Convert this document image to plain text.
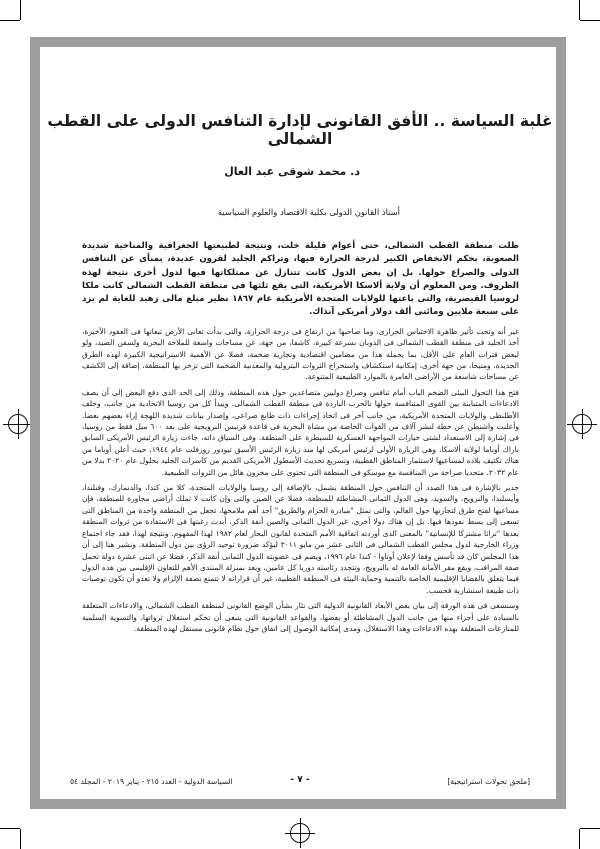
غلبة السياسة .. الأفق القانونى لإدارة التنافس الدولى على القطب الشمالى
د. محمد شوقى عبد العال
أستاذ القانون الدولى بكلية الاقتصاد والعلوم السياسية

ظلت منطقة القطب الشمالى، حتى أعوام قليلة خلت، ونتيجة لطبيعتها الجغرافية والمناخية شديدة الصعوبة، بحكم الانخفاض الكبير لدرجة الحرارة فيها، وتراكم الجليد لقرون عديدة، بمنأى عن التنافس الدولى والصراع حولها. بل إن بعض الدول كانت تتنازل عن ممتلكاتها فيها لدول أخرى نتيجة لهذه الظروف. ومن المعلوم أن ولاية ألاسكا الأمريكية، التى يقع ثلثها فى منطقة القطب الشمالى كانت ملكا لروسيا القيصرية، والتى باعتها للولايات المتحدة الأمريكية عام ١٨٦٧ نظير مبلغ مالى زهيد للغاية لم يزد على سبعة ملايين ومائتى ألف دولار أمريكى آنذاك.

غير أنه وتحت تأثير ظاهرة الاحتباس الحرارى، وما صاحبها من ارتفاع فى درجة الحرارة، والتى بدأت تعانى الأرض تبعاتها فى العقود الأخيرة، أخذ الجليد فى منطقة القطب الشمالى فى الذوبان بسرعة كبيرة، كاشفا، من جهة، عن مساحات واسعة للملاحة البحرية ولسفن الصيد، ولو لبعض فترات العام على الأقل، بما يحمله هذا من مضامين اقتصادية وتجارية ضخمة، فضلا عن الأهمية الاستراتيجية الكبيرة لهذه الطرق الجديدة، ومتيحا، من جهة أخرى، إمكانية استكشاف واستخراج الثروات البترولية والمعدنية الضخمة التى تزخر بها المنطقة، إضافة إلى الكشف عن مساحات شاسعة من الأراضى العامرة بالموارد الطبيعية المتنوعة.

فتح هذا التحول البيئى الضخم الباب أمام تنافس وصراع دوليين متصاعدين حول هذه المنطقة، وذلك إلى الحد الذى دفع البعض إلى أن يصف الادعاءات المتباينة بين القوى المتنافسة حولها بالحرب الباردة فى منطقة القطب الشمالى. ويبدأ كل من روسيا الاتحادية من جانب، وحلف الأطلنطى والولايات المتحدة الأمريكية، من جانب آخر فى اتخاذ إجراءات ذات طابع صراعى، وإصدار بيانات شديدة اللهجة إزاء بعضهم بعضا. وأعلنت واشنطن عن خطة لنشر آلاف من القوات الخاصة من مشاة البحرية فى قاعدة قرنيس النرويجية على بعد ٦٠٠ ميل فقط من روسيا، فى إشارة إلى الاستعداد لشتى خيارات المواجهة العسكرية للسيطرة على المنطقة. وفى السياق ذاته، جاءت زيارة الرئيس الأمريكى السابق باراك أوباما لولاية ألاسكا، وهى الزيارة الأولى لرئيس أمريكى لها منذ زيارة الرئيس الأسبق تيودور روزفلت عام ١٩٤٤، حيث أعلن أوباما من هناك تكثيف بلاده لمساعيها لاستثمار المناطق القطبية، وتسريع تحديث الأسطول الأمريكى القديم من كاسرات الجليد بحلول عام ٢٠٢٠ بدلا من عام ٢٠٣٢، متحديا صراحة من المنافسة مع موسكو فى المنطقة التى تحتوى على مخزون هائل من الثروات الطبيعية.

جدير بالإشارة فى هذا الصدد أن التنافس حول المنطقة يشمل، بالإضافة إلى روسيا والولايات المتحدة، كلا من كندا، والدنمارك، وفنلندا، وأيسلندا، والنرويج، والسويد، وهى الدول الثمانى المشاطئة للمنطقة، فضلا عن الصين والتى وإن كانت لا تملك أراضى مجاورة للمنطقة، فإن مساعيها لفتح طرق لتجارتها حول العالم، والتى تمثل "مبادرة الحزام والطريق" أحد أهم ملامحها، تجعل من المنطقة واحدة من المناطق التى تسعى إلى بسط نفوذها فيها. بل إن هناك دولا أخرى، غير الدول الثمانى والصين أنفة الذكر، أبدت رغبتها فى الاستفادة من ثروات المنطقة بعدها "تراثا مشتركا للإنسانية" بالمعنى الذى أوردته اتفاقية الأمم المتحدة لقانون البحار لعام ١٩٨٢ لهذا المفهوم. ونتيجة لهذا، فقد جاء اجتماع وزراء الخارجية لدول مجلس القطب الشمالى فى الثانى عشر من مايو ٢٠١١ ليؤكد ضرورة توحيد الرؤى بين دول المنطقة. ونشير هنا إلى أن هذا المجلس كان قد تأسس وفقا لإعلان أوتاوا - كندا عام ١٩٩٦، ويضم فى عضويته الدول الثمانى أنفة الذكر، فضلا عن اثنتى عشرة دولة تحمل صفة المراقب، ويقع مقر الأمانة العامة له بالنرويج، وتتجدد رئاسته دوريا كل عامين، ويعد بمنزلة المنتدى الأهم للتعاون الإقليمى بين هذه الدول فيما يتعلق بالقضايا الإقليمية الخاصة بالتنمية وحماية البيئة فى المنطقة القطبية، غير أن قراراته لا تتمتع بصفة الإلزام ولا تعدو أن تكون توصيات ذات طبيعة استشارية فحسب.

وسنسعى فى هذه الورقة إلى بيان بعض الأبعاد القانونية الدولية التى تثار بشأن الوضع القانونى لمنطقة القطب الشمالى، والادعاءات المتعلقة بالسيادة على أجزاء منها من جانب الدول المشاطئة أو بعضها، والقواعد القانونية التى ينبغى أن تحكم استغلال ثرواتها، والتسوية السلمية للمنازعات المتعلقة بهذه الادعاءات وهذا الاستغلال، ومدى إمكانية الوصول إلى اتفاق حول نظام قانونى مستقل لهذه المنطقة.

[ملحق تحولات استراتيجية]
- ٧ -
السياسة الدولية - العدد ٢١٥ - يناير ٢٠١٩ - المجلد ٥٤
